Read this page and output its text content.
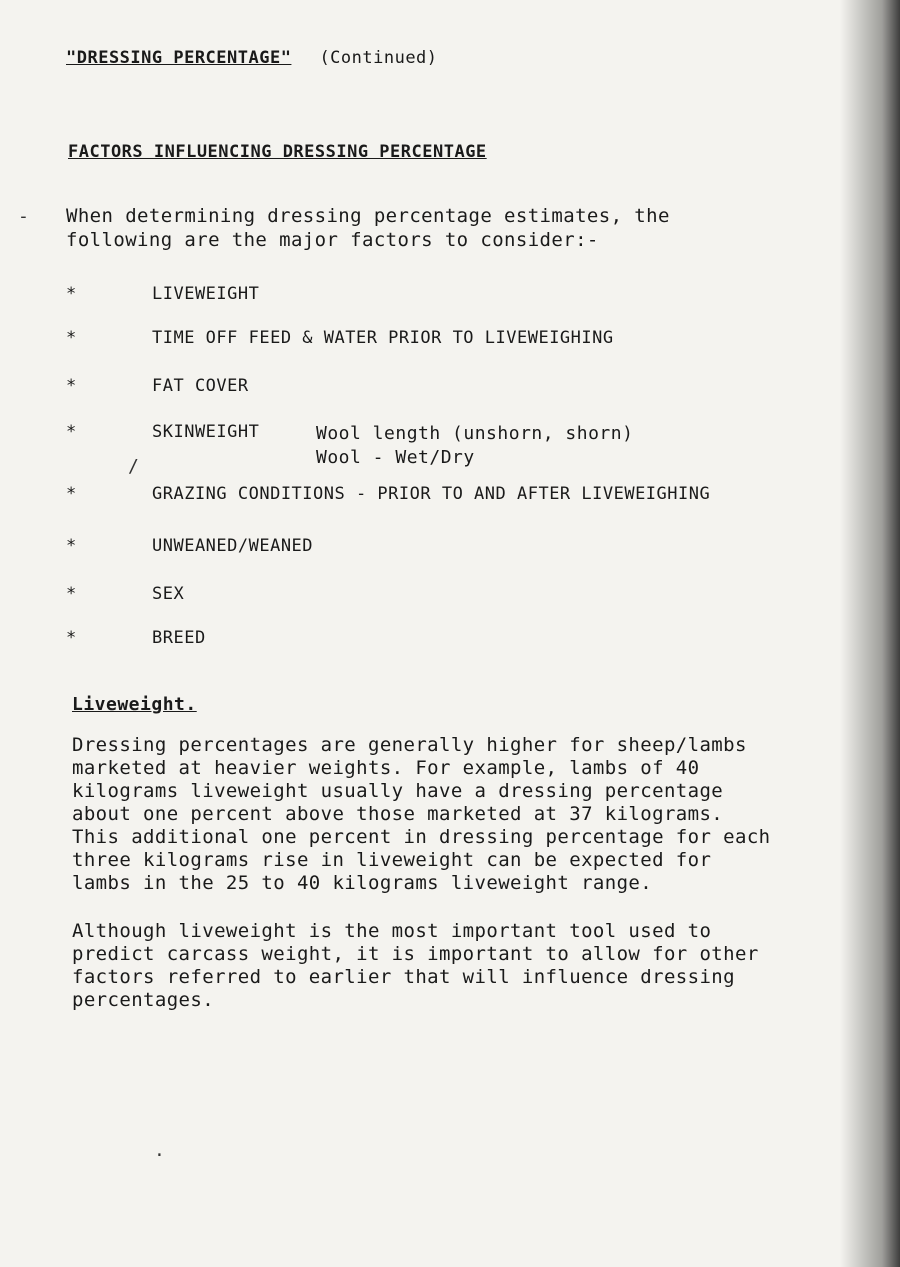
"DRESSING PERCENTAGE" (Continued)
FACTORS INFLUENCING DRESSING PERCENTAGE
When determining dressing percentage estimates, the
following are the major factors to consider:-
*	LIVEWEIGHT
*	TIME OFF FEED & WATER PRIOR TO LIVEWEIGHING
*	FAT COVER
*	SKINWEIGHT	Wool length (unshorn, shorn)
Wool - Wet/Dry
*	GRAZING CONDITIONS - PRIOR TO AND AFTER LIVEWEIGHING
*	UNWEANED/WEANED
*	SEX
*	BREED
Liveweight.
Dressing percentages are generally higher for sheep/lambs
marketed at heavier weights. For example, lambs of 40
kilograms liveweight usually have a dressing percentage
about one percent above those marketed at 37 kilograms.
This additional one percent in dressing percentage for each
three kilograms rise in liveweight can be expected for
lambs in the 25 to 40 kilograms liveweight range.
Although liveweight is the most important tool used to
predict carcass weight, it is important to allow for other
factors referred to earlier that will influence dressing
percentages.
/
-
.
